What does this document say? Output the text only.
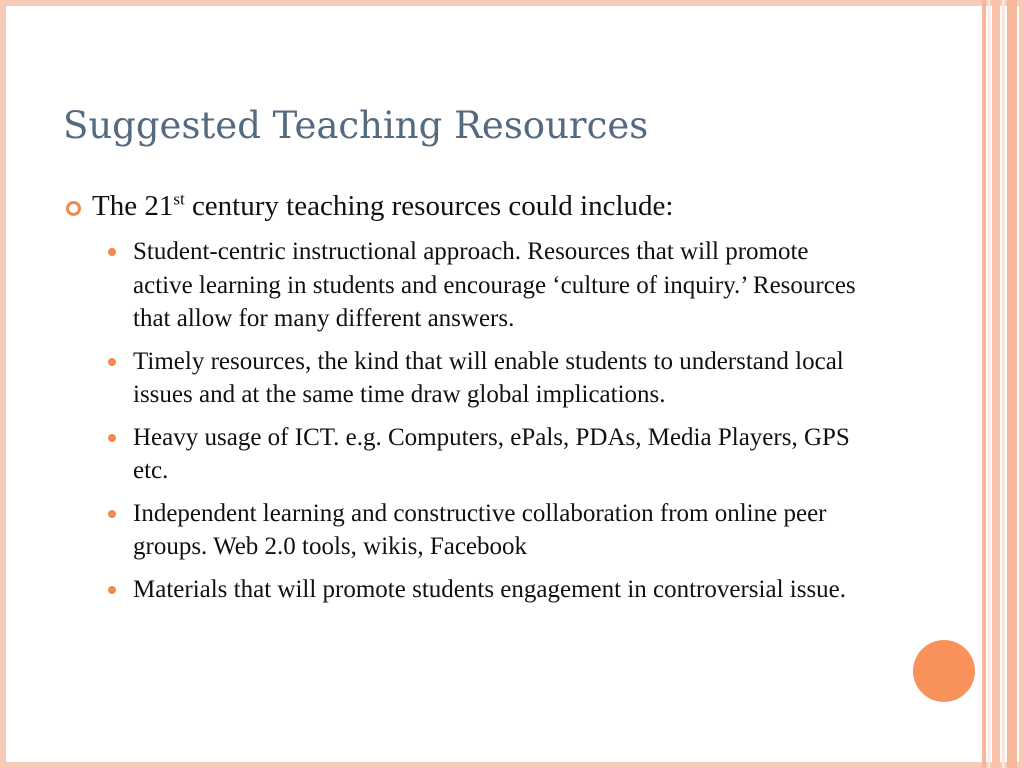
Suggested Teaching Resources
The 21st century teaching resources could include:
Student-centric instructional approach. Resources that will promote active learning in students and encourage ‘culture of inquiry.’ Resources that allow for many different answers.
Timely resources, the kind that will enable students to understand local issues and at the same time draw global implications.
Heavy usage of ICT. e.g. Computers, ePals, PDAs, Media Players, GPS etc.
Independent learning and constructive collaboration from online peer groups. Web 2.0 tools, wikis, Facebook
Materials that will promote students engagement in controversial issue.
